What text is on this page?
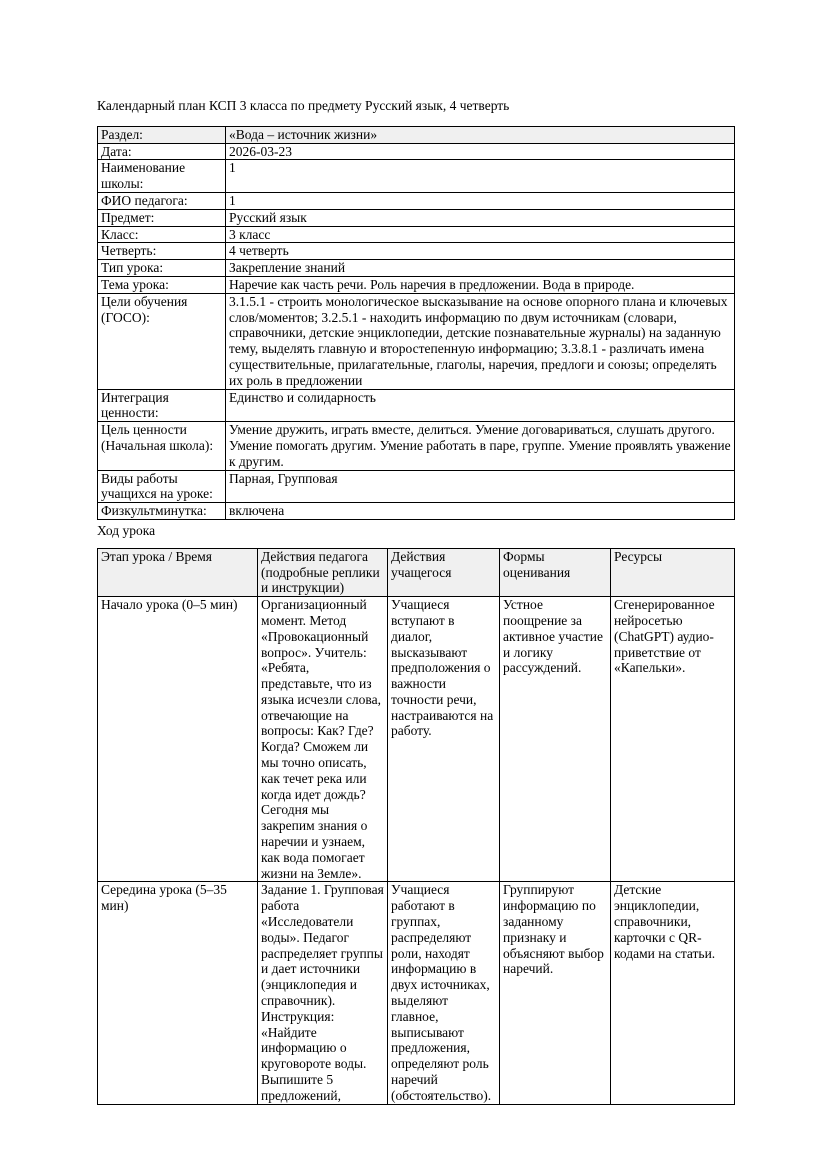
Календарный план КСП 3 класса по предмету Русский язык, 4 четверть

Раздел:	«Вода – источник жизни»
Дата:	2026-03-23
Наименование школы:	1
ФИО педагога:	1
Предмет:	Русский язык
Класс:	3 класс
Четверть:	4 четверть
Тип урока:	Закрепление знаний
Тема урока:	Наречие как часть речи. Роль наречия в предложении. Вода в природе.
Цели обучения (ГОСО):	3.1.5.1 - строить монологическое высказывание на основе опорного плана и ключевых слов/моментов; 3.2.5.1 - находить информацию по двум источникам (словари, справочники, детские энциклопедии, детские познавательные журналы) на заданную тему, выделять главную и второстепенную информацию; 3.3.8.1 - различать имена существительные, прилагательные, глаголы, наречия, предлоги и союзы; определять их роль в предложении
Интеграция ценности:	Единство и солидарность
Цель ценности (Начальная школа):	Умение дружить, играть вместе, делиться. Умение договариваться, слушать другого. Умение помогать другим. Умение работать в паре, группе. Умение проявлять уважение к другим.
Виды работы учащихся на уроке:	Парная, Групповая
Физкультминутка:	включена

Ход урока

Этап урока / Время	Действия педагога (подробные реплики и инструкции)	Действия учащегося	Формы оценивания	Ресурсы
Начало урока (0–5 мин)	Организационный момент. Метод «Провокационный вопрос». Учитель: «Ребята, представьте, что из языка исчезли слова, отвечающие на вопросы: Как? Где? Когда? Сможем ли мы точно описать, как течет река или когда идет дождь? Сегодня мы закрепим знания о наречии и узнаем, как вода помогает жизни на Земле».	Учащиеся вступают в диалог, высказывают предположения о важности точности речи, настраиваются на работу.	Устное поощрение за активное участие и логику рассуждений.	Сгенерированное нейросетью (ChatGPT) аудио-приветствие от «Капельки».

Середина урока (5–35 мин)	Задание 1. Групповая работа «Исследователи воды». Педагог распределяет группы и дает источники (энциклопедия и справочник). Инструкция: «Найдите информацию о круговороте воды. Выпишите 5 предложений,	Учащиеся работают в группах, распределяют роли, находят информацию в двух источниках, выделяют главное, выписывают предложения, определяют роль наречий (обстоятельство).	Группируют информацию по заданному признаку и объясняют выбор наречий.	Детские энциклопедии, справочники, карточки с QR-кодами на статьи.
